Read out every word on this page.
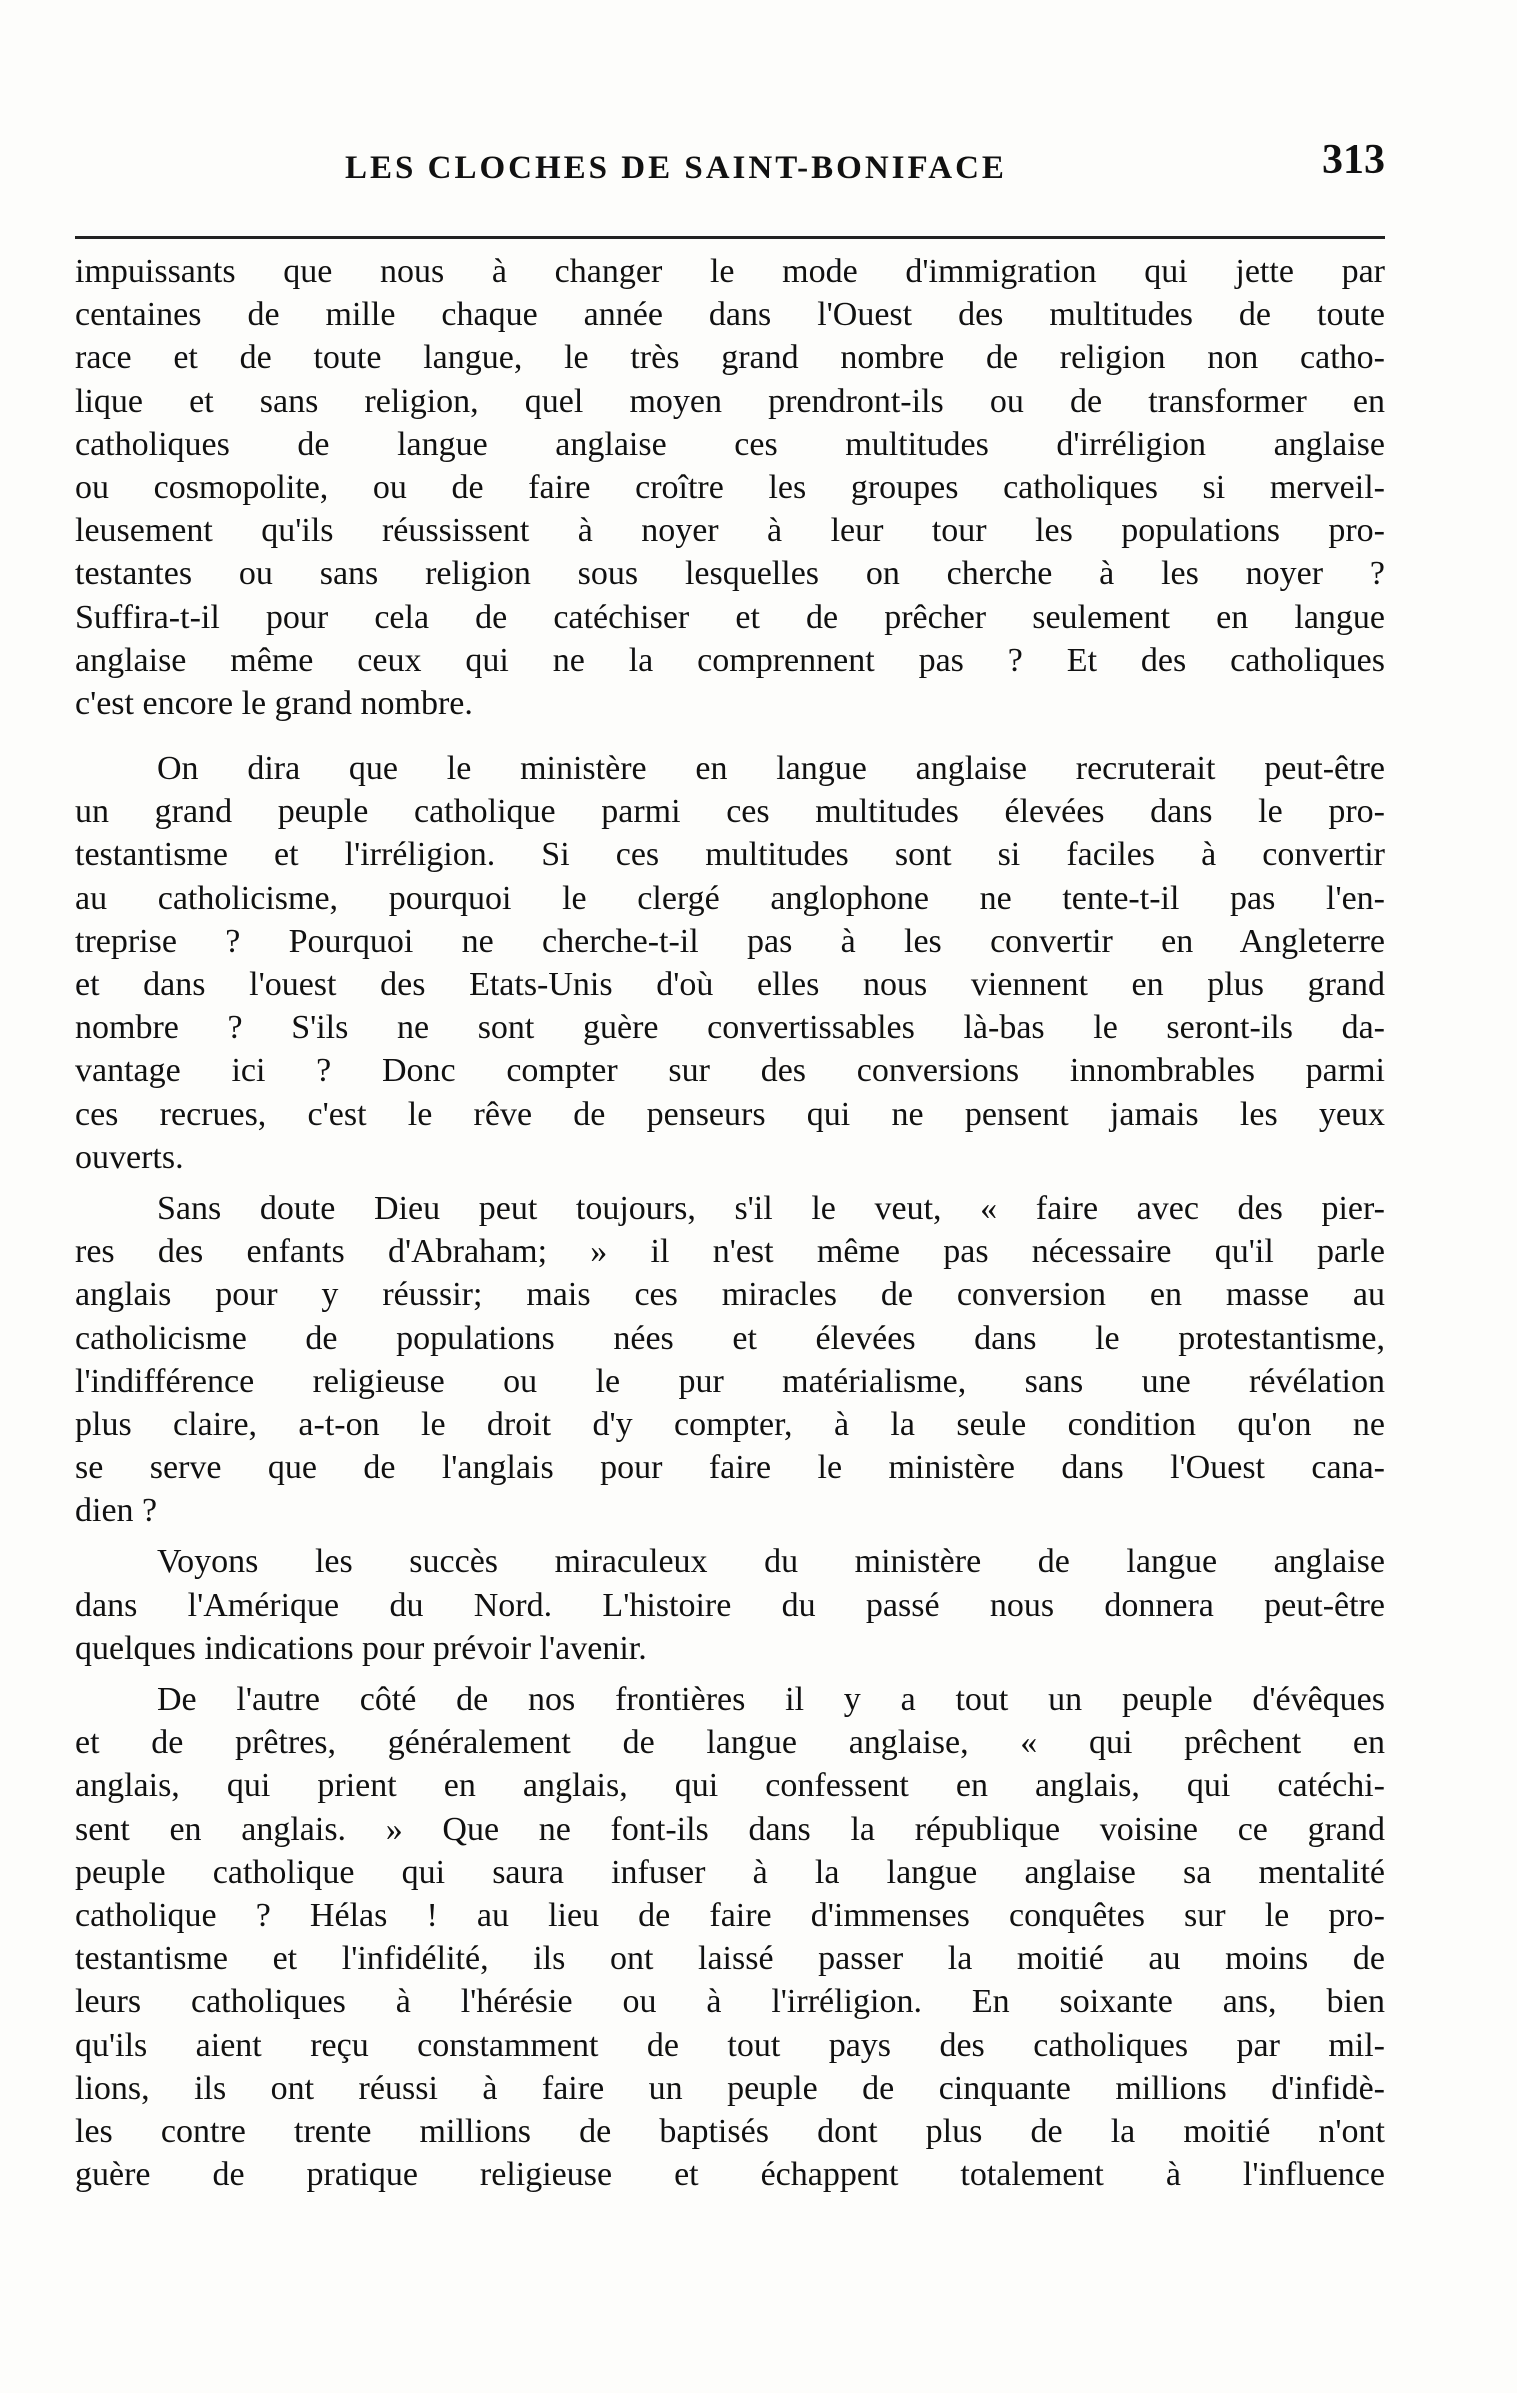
LES CLOCHES DE SAINT-BONIFACE	313
impuissants que nous à changer le mode d'immigration qui jette par
centaines de mille chaque année dans l'Ouest des multitudes de toute
race et de toute langue, le très grand nombre de religion non catho-
lique et sans religion, quel moyen prendront-ils ou de transformer en
catholiques de langue anglaise ces multitudes d'irréligion anglaise
ou cosmopolite, ou de faire croître les groupes catholiques si merveil-
leusement qu'ils réussissent à noyer à leur tour les populations pro-
testantes ou sans religion sous lesquelles on cherche à les noyer ?
Suffira-t-il pour cela de catéchiser et de prêcher seulement en langue
anglaise même ceux qui ne la comprennent pas ? Et des catholiques
c'est encore le grand nombre.
On dira que le ministère en langue anglaise recruterait peut-être
un grand peuple catholique parmi ces multitudes élevées dans le pro-
testantisme et l'irréligion. Si ces multitudes sont si faciles à convertir
au catholicisme, pourquoi le clergé anglophone ne tente-t-il pas l'en-
treprise ? Pourquoi ne cherche-t-il pas à les convertir en Angleterre
et dans l'ouest des Etats-Unis d'où elles nous viennent en plus grand
nombre ? S'ils ne sont guère convertissables là-bas le seront-ils da-
vantage ici ? Donc compter sur des conversions innombrables parmi
ces recrues, c'est le rêve de penseurs qui ne pensent jamais les yeux
ouverts.
Sans doute Dieu peut toujours, s'il le veut, « faire avec des pier-
res des enfants d'Abraham; » il n'est même pas nécessaire qu'il parle
anglais pour y réussir; mais ces miracles de conversion en masse au
catholicisme de populations nées et élevées dans le protestantisme,
l'indifférence religieuse ou le pur matérialisme, sans une révélation
plus claire, a-t-on le droit d'y compter, à la seule condition qu'on ne
se serve que de l'anglais pour faire le ministère dans l'Ouest cana-
dien ?
Voyons les succès miraculeux du ministère de langue anglaise
dans l'Amérique du Nord. L'histoire du passé nous donnera peut-être
quelques indications pour prévoir l'avenir.
De l'autre côté de nos frontières il y a tout un peuple d'évêques
et de prêtres, généralement de langue anglaise, « qui prêchent en
anglais, qui prient en anglais, qui confessent en anglais, qui catéchi-
sent en anglais. » Que ne font-ils dans la république voisine ce grand
peuple catholique qui saura infuser à la langue anglaise sa mentalité
catholique ? Hélas ! au lieu de faire d'immenses conquêtes sur le pro-
testantisme et l'infidélité, ils ont laissé passer la moitié au moins de
leurs catholiques à l'hérésie ou à l'irréligion. En soixante ans, bien
qu'ils aient reçu constamment de tout pays des catholiques par mil-
lions, ils ont réussi à faire un peuple de cinquante millions d'infidè-
les contre trente millions de baptisés dont plus de la moitié n'ont
guère de pratique religieuse et échappent totalement à l'influence
